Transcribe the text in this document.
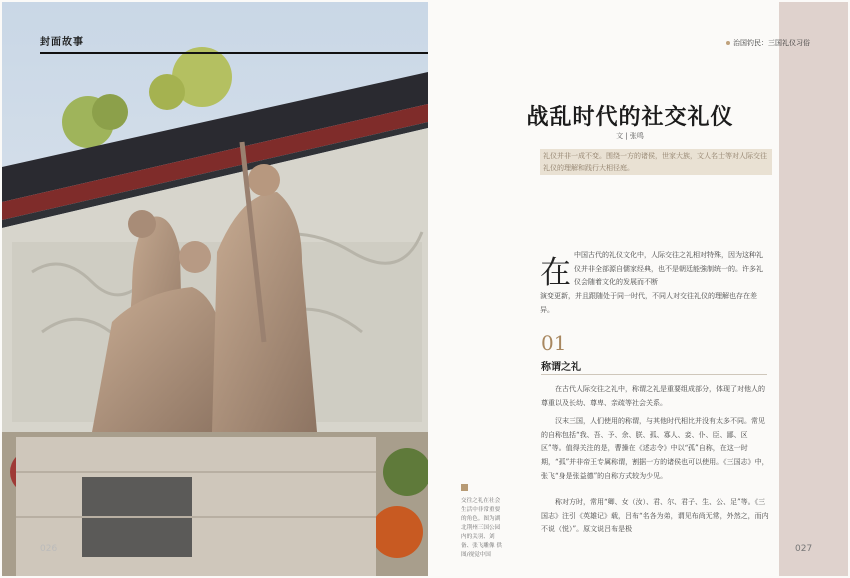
封面故事
026
治国钓民：三国礼仪习俗
战乱时代的社交礼仪
文 | 张鸣
礼仪并非一成不变。围绕一方的诸侯，世家大族，文人名士等对人际交往礼仪的理解和践行大相径庭。
在 中国古代的礼仪文化中，人际交往之礼相对特殊，因为这种礼仪并非全部源自儒家经典，也不是朝廷能強制统一的。许多礼仪会随着文化的发展而不断
演变更新，并且跟随处于同一时代，不同人对交往礼仪的理解也存在差异。
01
称谓之礼
在古代人际交往之礼中，称谓之礼是重要组成部分，体现了对他人的尊重以及长幼、尊卑、亲疏等社会关系。
汉末三国，人们使用的称谓，与其他时代相比并没有太多不同。常见的自称包括“我、吾、予、余、朕、孤、寡人、妾、仆、臣、鄙、区区”等。值得关注的是，曹操在《述志令》中以“孤”自称，在这一时期，“孤”并非帝王专属称谓，割据一方的诸侯也可以使用。《三国志》中，张飞“身是张益德”的自称方式较为少见。
称对方时，常用“卿、女（汝）、君、尔、君子、生、公、足”等。《三国志》注引《英雄记》载，吕布“名各为弟，谓见布尚无常，外然之，而内不说（悦）”。原文说吕布是极
交往之礼在社会生活中非常重要的角色。图为湖北荆州三国公园内的关羽、刘备、张飞雕像 供图/视觉中国
027
